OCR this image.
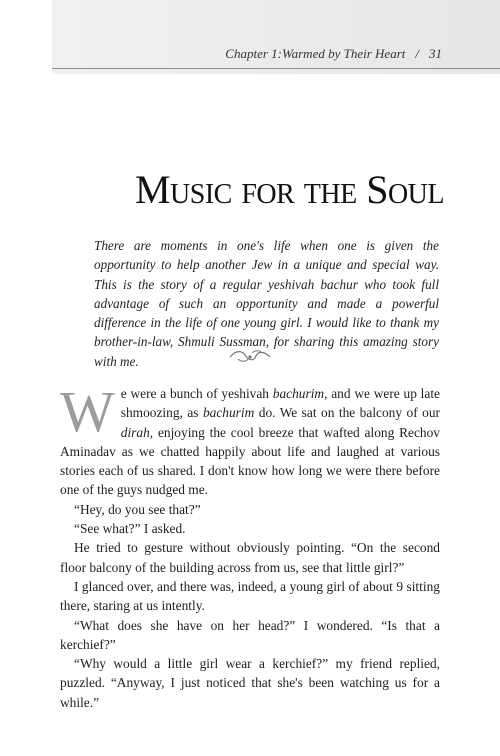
Chapter 1:Warmed by Their Heart / 31
Music for the Soul

There are moments in one's life when one is given the opportunity to help another Jew in a unique and special way. This is the story of a regular yeshivah bachur who took full advantage of such an opportunity and made a powerful difference in the life of one young girl. I would like to thank my brother-in-law, Shmuli Sussman, for sharing this amazing story with me.

We were a bunch of yeshivah bachurim, and we were up late shmoozing, as bachurim do. We sat on the balcony of our dirah, enjoying the cool breeze that wafted along Rechov Aminadav as we chatted happily about life and laughed at various stories each of us shared. I don't know how long we were there before one of the guys nudged me.

“Hey, do you see that?”

“See what?” I asked.

He tried to gesture without obviously pointing. “On the second floor balcony of the building across from us, see that little girl?”

I glanced over, and there was, indeed, a young girl of about 9 sitting there, staring at us intently.

“What does she have on her head?” I wondered. “Is that a kerchief?”

“Why would a little girl wear a kerchief?” my friend replied, puzzled. “Anyway, I just noticed that she's been watching us for a while.”
